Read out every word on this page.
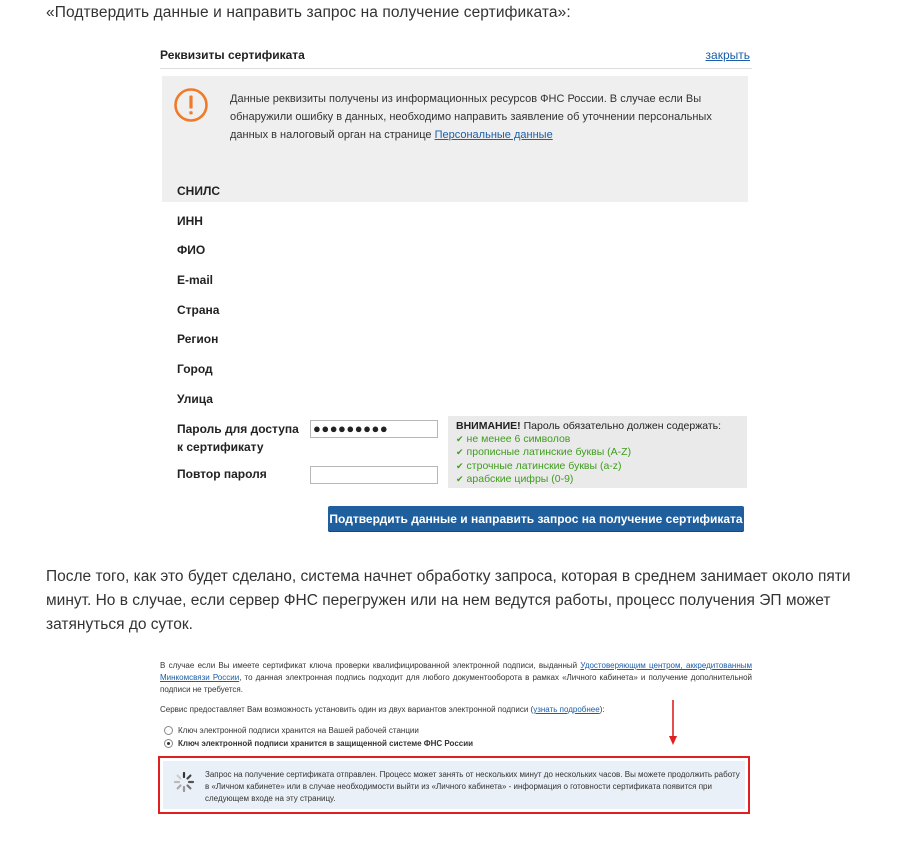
«Подтвердить данные и направить запрос на получение сертификата»:
Реквизиты сертификата	закрыть
Данные реквизиты получены из информационных ресурсов ФНС России. В случае если Вы обнаружили ошибку в данных, необходимо направить заявление об уточнении персональных данных в налоговый орган на странице Персональные данные
СНИЛС
ИНН
ФИО
E-mail
Страна
Регион
Город
Улица
Пароль для доступа к сертификату
●●●●●●●●●
Повтор пароля
ВНИМАНИЕ! Пароль обязательно должен содержать:
✔ не менее 6 символов
✔ прописные латинские буквы (A-Z)
✔ строчные латинские буквы (a-z)
✔ арабские цифры (0-9)
Подтвердить данные и направить запрос на получение сертификата
После того, как это будет сделано, система начнет обработку запроса, которая в среднем занимает около пяти минут. Но в случае, если сервер ФНС перегружен или на нем ведутся работы, процесс получения ЭП может затянуться до суток.
В случае если Вы имеете сертификат ключа проверки квалифицированной электронной подписи, выданный Удостоверяющим центром, аккредитованным Минкомсвязи России, то данная электронная подпись подходит для любого документооборота в рамках «Личного кабинета» и получение дополнительной подписи не требуется.
Сервис предоставляет Вам возможность установить один из двух вариантов электронной подписи (узнать подробнее):
Ключ электронной подписи хранится на Вашей рабочей станции
Ключ электронной подписи хранится в защищенной системе ФНС России
Запрос на получение сертификата отправлен. Процесс может занять от нескольких минут до нескольких часов. Вы можете продолжить работу в «Личном кабинете» или в случае необходимости выйти из «Личного кабинета» - информация о готовности сертификата появится при следующем входе на эту страницу.
